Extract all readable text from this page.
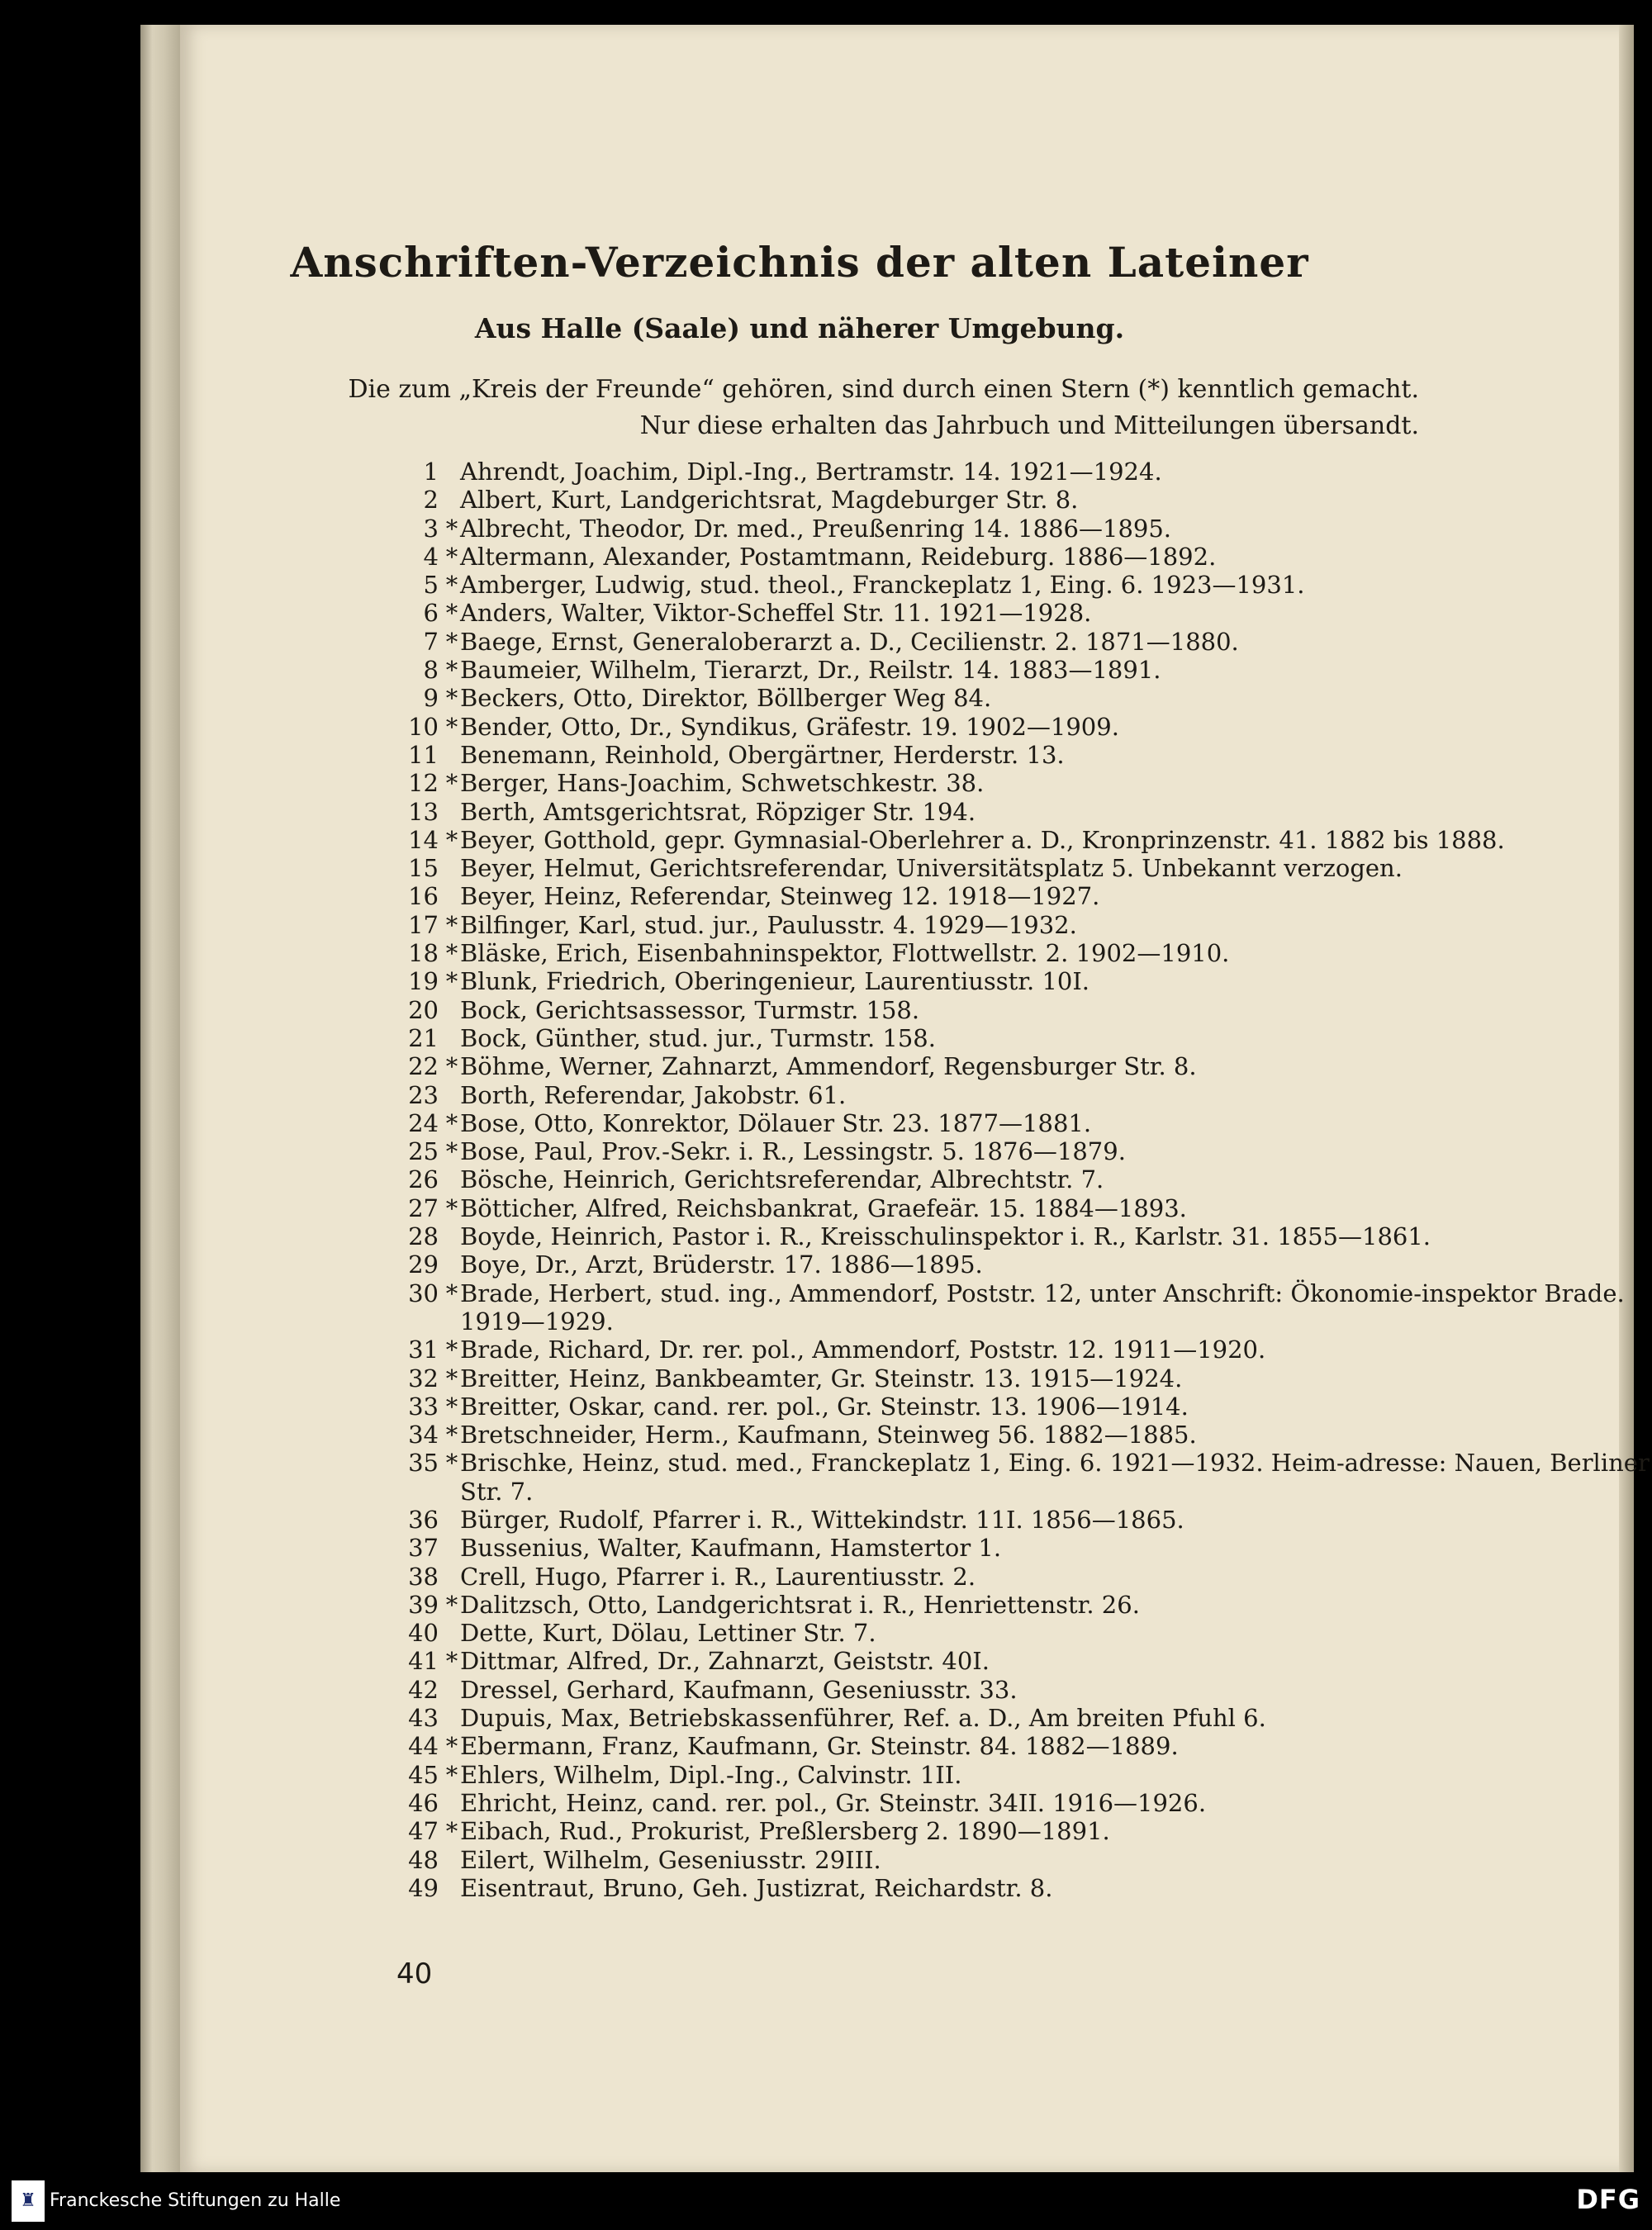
Anschriften-Verzeichnis der alten Lateiner
Aus Halle (Saale) und näherer Umgebung.
Die zum „Kreis der Freunde“ gehören, sind durch einen Stern (*) kenntlich gemacht.
Nur diese erhalten das Jahrbuch und Mitteilungen übersandt.
1 Ahrendt, Joachim, Dipl.-Ing., Bertramstr. 14. 1921—1924.
2 Albert, Kurt, Landgerichtsrat, Magdeburger Str. 8.
3 * Albrecht, Theodor, Dr. med., Preußenring 14. 1886—1895.
4 * Altermann, Alexander, Postamtmann, Reideburg. 1886—1892.
5 * Amberger, Ludwig, stud. theol., Franckeplatz 1, Eing. 6. 1923—1931.
6 * Anders, Walter, Viktor-Scheffel Str. 11. 1921—1928.
7 * Baege, Ernst, Generaloberarzt a. D., Cecilienstr. 2. 1871—1880.
8 * Baumeier, Wilhelm, Tierarzt, Dr., Reilstr. 14. 1883—1891.
9 * Beckers, Otto, Direktor, Böllberger Weg 84.
10 * Bender, Otto, Dr., Syndikus, Gräfestr. 19. 1902—1909.
11 Benemann, Reinhold, Obergärtner, Herderstr. 13.
12 * Berger, Hans-Joachim, Schwetschkestr. 38.
13 Berth, Amtsgerichtsrat, Röpziger Str. 194.
14 * Beyer, Gotthold, gepr. Gymnasial-Oberlehrer a. D., Kronprinzenstr. 41. 1882 bis 1888.
15 Beyer, Helmut, Gerichtsreferendar, Universitätsplatz 5. Unbekannt verzogen.
16 Beyer, Heinz, Referendar, Steinweg 12. 1918—1927.
17 * Bilfinger, Karl, stud. jur., Paulusstr. 4. 1929—1932.
18 * Bläske, Erich, Eisenbahninspektor, Flottwellstr. 2. 1902—1910.
19 * Blunk, Friedrich, Oberingenieur, Laurentiusstr. 10I.
20 Bock, Gerichtsassessor, Turmstr. 158.
21 Bock, Günther, stud. jur., Turmstr. 158.
22 * Böhme, Werner, Zahnarzt, Ammendorf, Regensburger Str. 8.
23 Borth, Referendar, Jakobstr. 61.
24 * Bose, Otto, Konrektor, Dölauer Str. 23. 1877—1881.
25 * Bose, Paul, Prov.-Sekr. i. R., Lessingstr. 5. 1876—1879.
26 Bösche, Heinrich, Gerichtsreferendar, Albrechtstr. 7.
27 * Bötticher, Alfred, Reichsbankrat, Graefeär. 15. 1884—1893.
28 Boyde, Heinrich, Pastor i. R., Kreisschulinspektor i. R., Karlstr. 31. 1855—1861.
29 Boye, Dr., Arzt, Brüderstr. 17. 1886—1895.
30 * Brade, Herbert, stud. ing., Ammendorf, Poststr. 12, unter Anschrift: Ökonomie-inspektor Brade. 1919—1929.
31 * Brade, Richard, Dr. rer. pol., Ammendorf, Poststr. 12. 1911—1920.
32 * Breitter, Heinz, Bankbeamter, Gr. Steinstr. 13. 1915—1924.
33 * Breitter, Oskar, cand. rer. pol., Gr. Steinstr. 13. 1906—1914.
34 * Bretschneider, Herm., Kaufmann, Steinweg 56. 1882—1885.
35 * Brischke, Heinz, stud. med., Franckeplatz 1, Eing. 6. 1921—1932. Heim-adresse: Nauen, Berliner Str. 7.
36 Bürger, Rudolf, Pfarrer i. R., Wittekindstr. 11I. 1856—1865.
37 Bussenius, Walter, Kaufmann, Hamstertor 1.
38 Crell, Hugo, Pfarrer i. R., Laurentiusstr. 2.
39 * Dalitzsch, Otto, Landgerichtsrat i. R., Henriettenstr. 26.
40 Dette, Kurt, Dölau, Lettiner Str. 7.
41 * Dittmar, Alfred, Dr., Zahnarzt, Geiststr. 40I.
42 Dressel, Gerhard, Kaufmann, Geseniusstr. 33.
43 Dupuis, Max, Betriebskassenführer, Ref. a. D., Am breiten Pfuhl 6.
44 * Ebermann, Franz, Kaufmann, Gr. Steinstr. 84. 1882—1889.
45 * Ehlers, Wilhelm, Dipl.-Ing., Calvinstr. 1II.
46 Ehricht, Heinz, cand. rer. pol., Gr. Steinstr. 34II. 1916—1926.
47 * Eibach, Rud., Prokurist, Preßlersberg 2. 1890—1891.
48 Eilert, Wilhelm, Geseniusstr. 29III.
49 Eisentraut, Bruno, Geh. Justizrat, Reichardstr. 8.
40
♜ Franckesche Stiftungen zu Halle	DFG
